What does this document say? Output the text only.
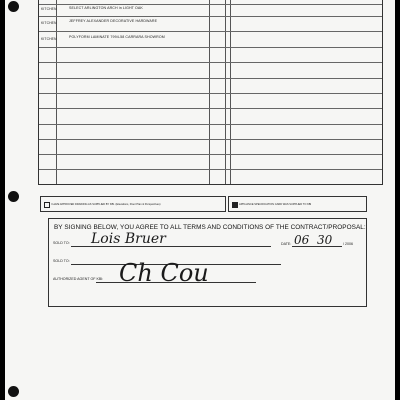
KITCHEN	SELECT ARLINGTON ARCH in LIGHT OAK
KITCHEN	JEFFREY ALEXANDER DECORATIVE HARDWARE
KITCHEN	POLYFORM LAMINATE 7994-58 CARRARA SHOWROM
I HAVE APPROVED DRAWING AS SUPPLIED BY KBI. (Elevations, Floor Plan & Perspectives)	APPLIANCE SPECIFICATION CARD WAS SUPPLIED TO KBI
BY SIGNING BELOW, YOU AGREE TO ALL TERMS AND CONDITIONS OF THE CONTRACT/PROPOSAL:
SOLD TO: Lois Bruer	DATE: 06 30	/ 2006
SOLD TO:
AUTHORIZED AGENT OF KBI: Ch Cou
